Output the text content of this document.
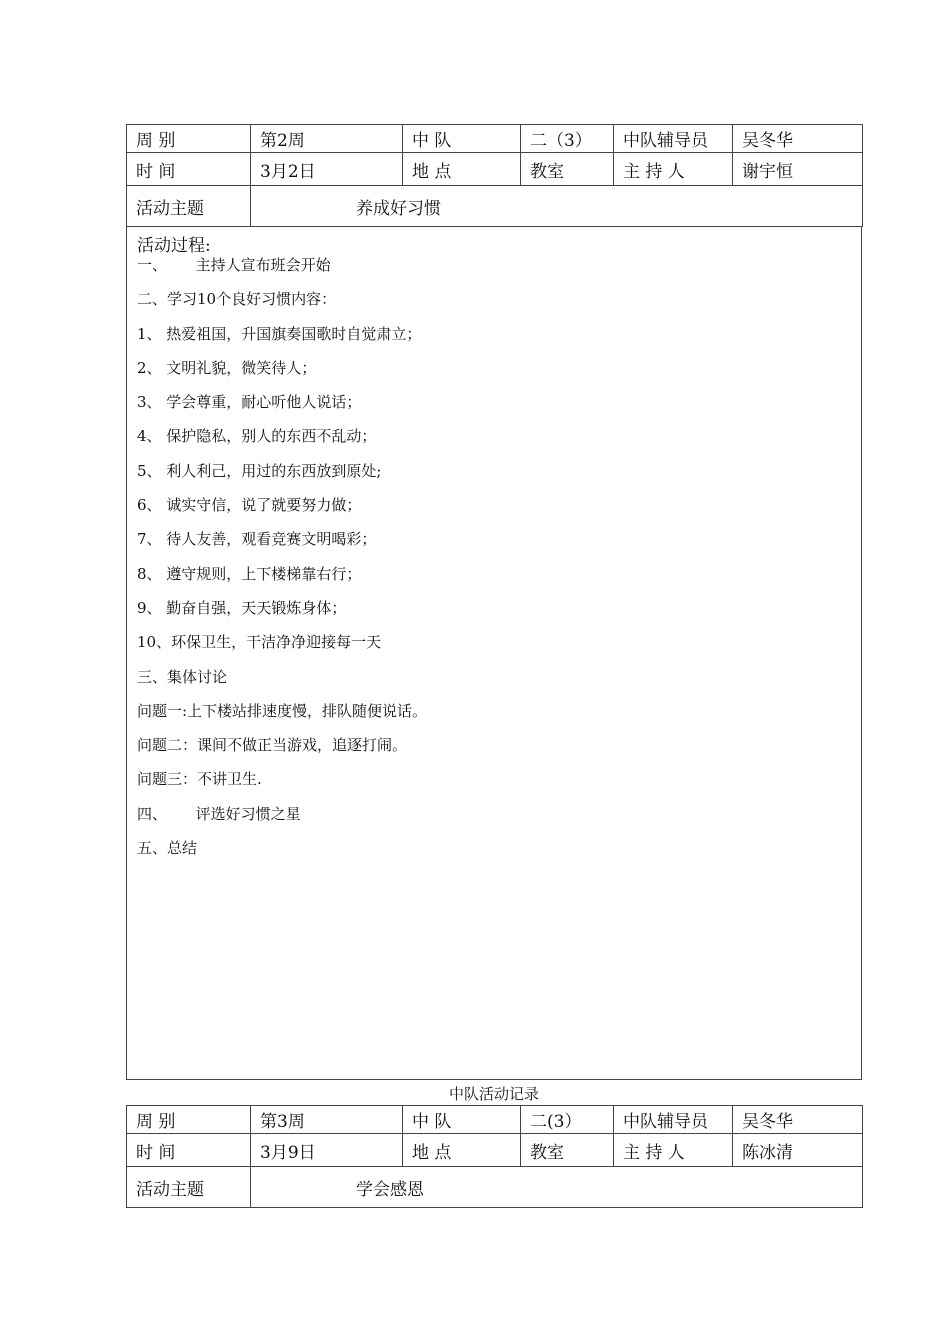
周 别	第2周	中 队	二（3）	中队辅导员	吴冬华
时 间	3月2日	地 点	教室	主 持 人	谢宇恒
活动主题	养成好习惯				
活动过程:
一、      主持人宣布班会开始
二、学习10个良好习惯内容：
1、 热爱祖国，升国旗奏国歌时自觉肃立；
2、 文明礼貌，微笑待人；
3、 学会尊重，耐心听他人说话；
4、 保护隐私，别人的东西不乱动；
5、 利人利己，用过的东西放到原处;
6、 诚实守信，说了就要努力做；
7、 待人友善，观看竞赛文明喝彩；
8、 遵守规则，上下楼梯靠右行；
9、 勤奋自强，天天锻炼身体；
10、环保卫生，干洁净净迎接每一天
三、集体讨论
问题一:上下楼站排速度慢，排队随便说话。
问题二：课间不做正当游戏，追逐打闹。
问题三：不讲卫生.
四、      评选好习惯之星
五、总结
中队活动记录
周 别	第3周	中 队	二(3）	中队辅导员	吴冬华
时 间	3月9日	地 点	教室	主 持 人	陈冰清
活动主题	学会感恩				
